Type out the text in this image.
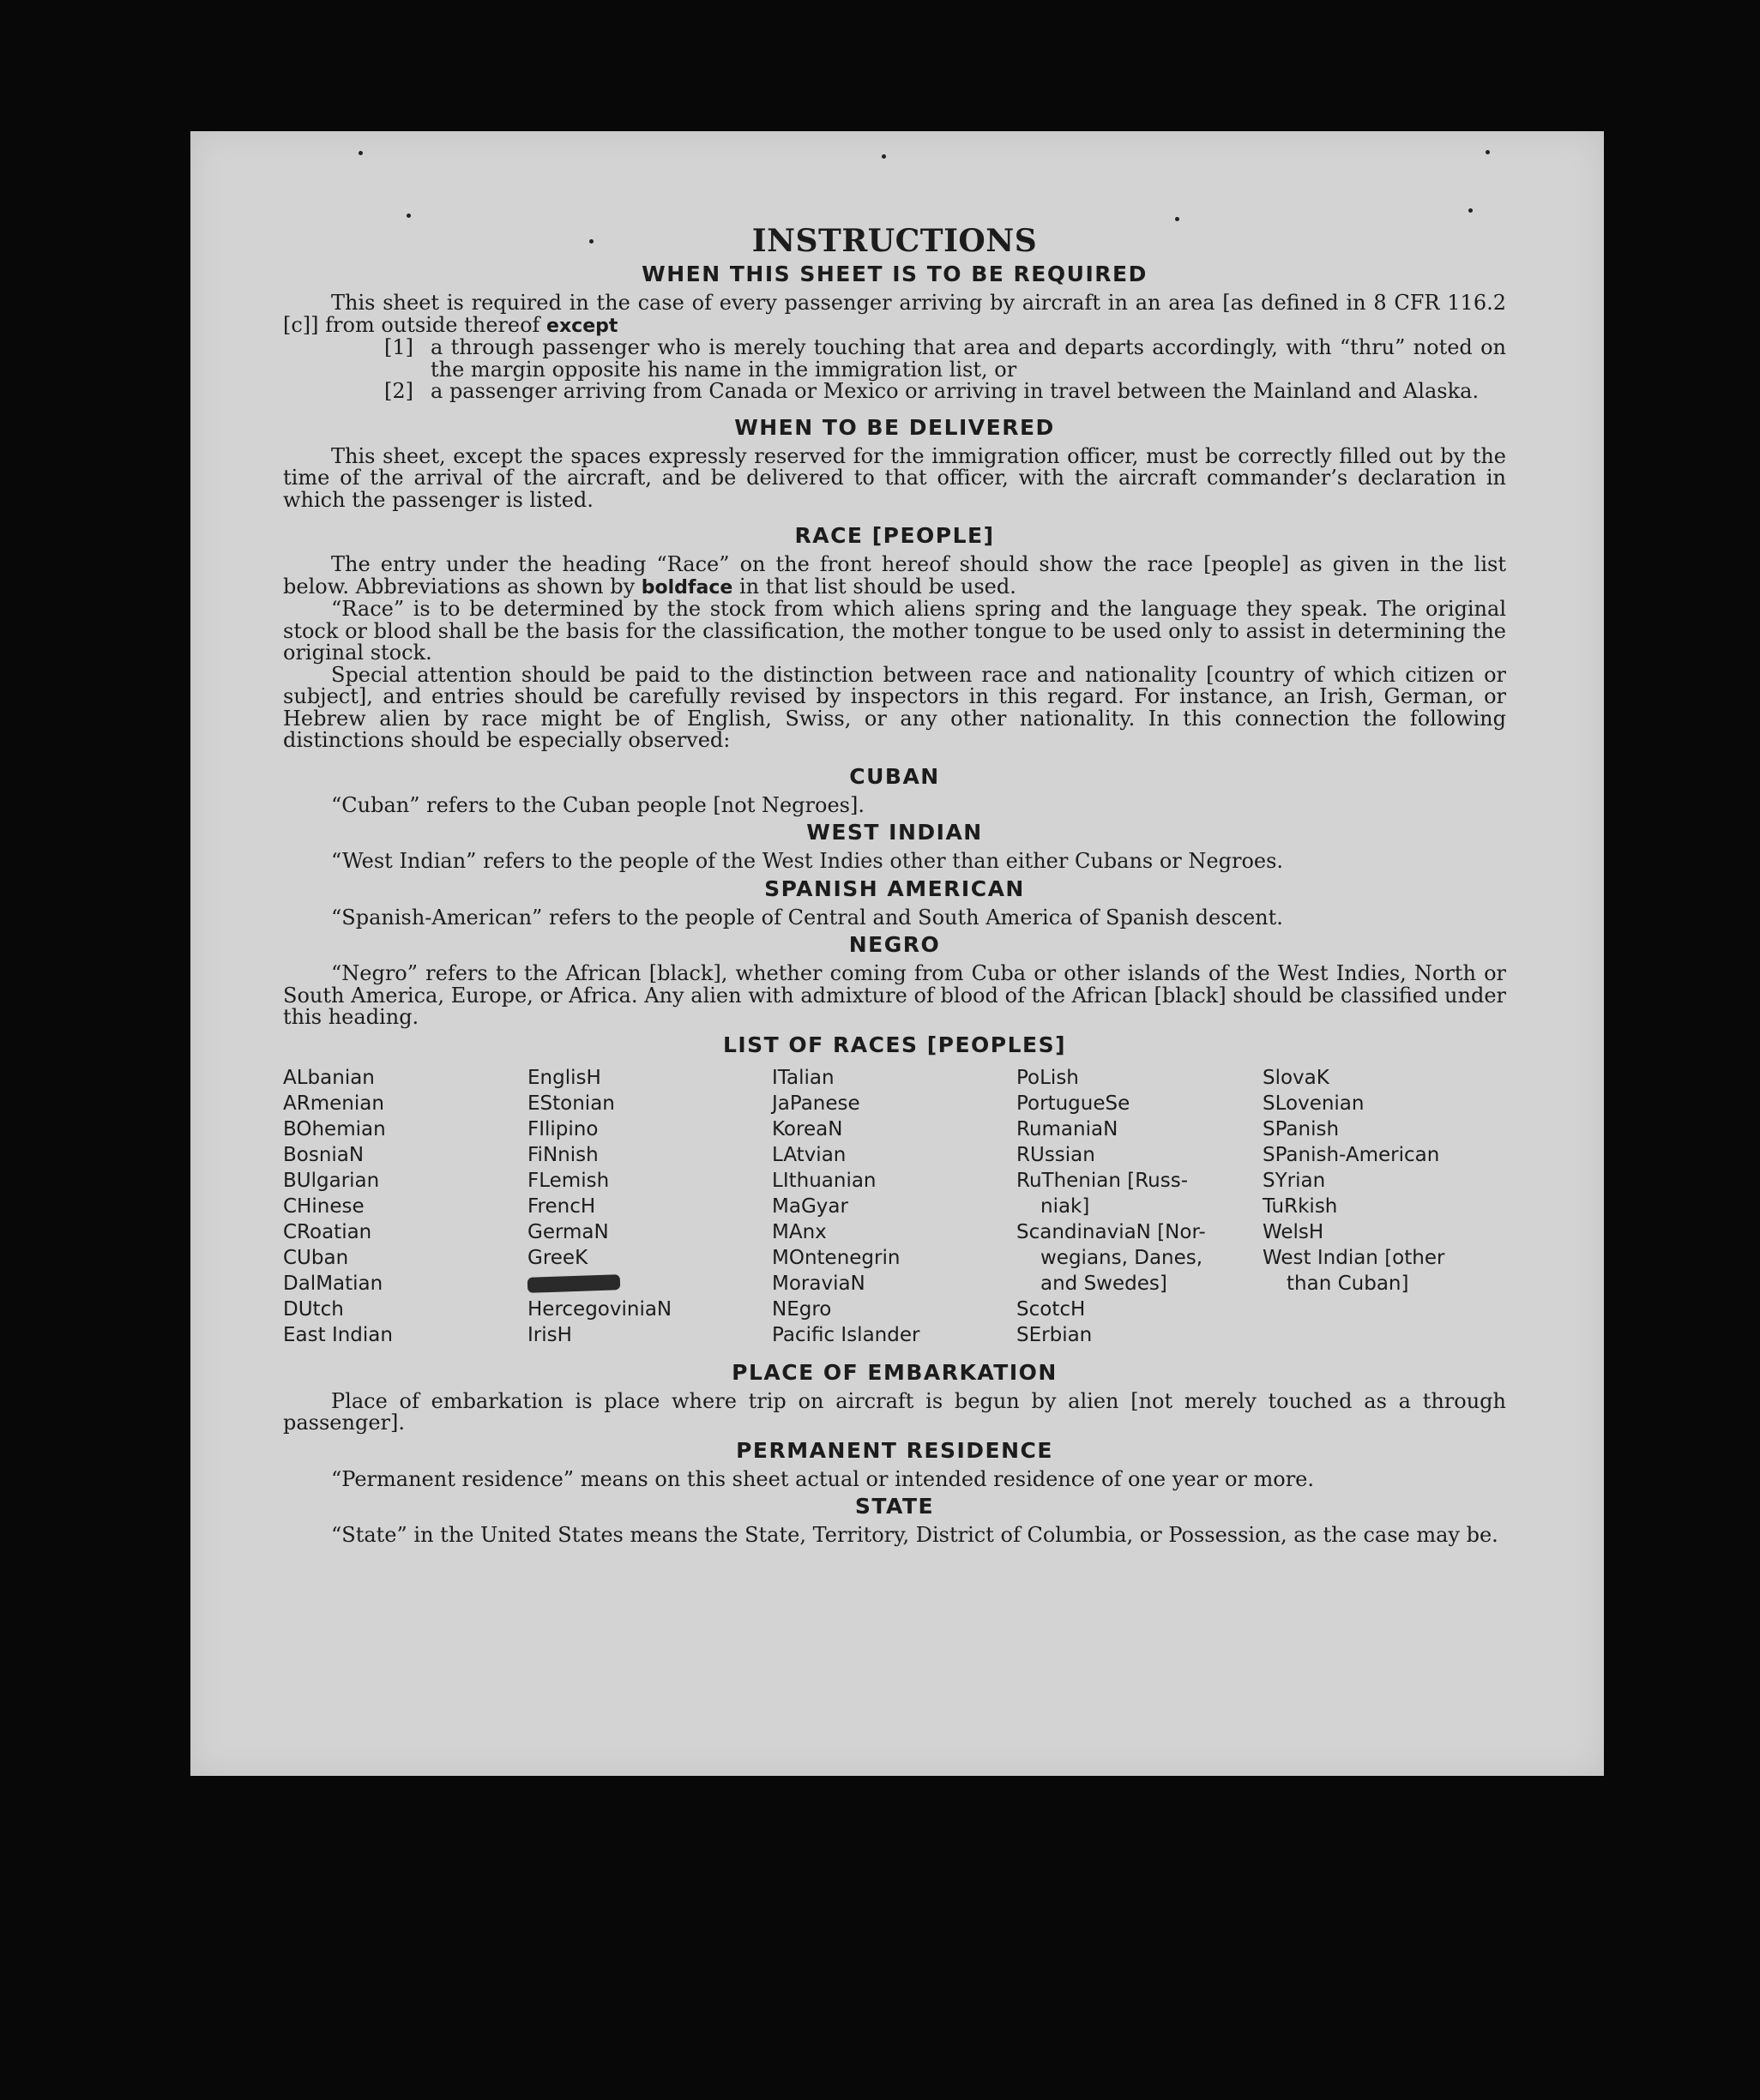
INSTRUCTIONS
WHEN THIS SHEET IS TO BE REQUIRED

This sheet is required in the case of every passenger arriving by aircraft in an area [as defined in 8 CFR 116.2 [c]] from outside thereof except

[1] a through passenger who is merely touching that area and departs accordingly, with “thru” noted on the margin opposite his name in the immigration list, or
[2] a passenger arriving from Canada or Mexico or arriving in travel between the Mainland and Alaska.
WHEN TO BE DELIVERED

This sheet, except the spaces expressly reserved for the immigration officer, must be correctly filled out by the time of the arrival of the aircraft, and be delivered to that officer, with the aircraft commander’s declaration in which the passenger is listed.

RACE [PEOPLE]

The entry under the heading “Race” on the front hereof should show the race [people] as given in the list below. Abbreviations as shown by boldface in that list should be used.

“Race” is to be determined by the stock from which aliens spring and the language they speak. The original stock or blood shall be the basis for the classification, the mother tongue to be used only to assist in determining the original stock.

Special attention should be paid to the distinction between race and nationality [country of which citizen or subject], and entries should be carefully revised by inspectors in this regard. For instance, an Irish, German, or Hebrew alien by race might be of English, Swiss, or any other nationality. In this connection the following distinctions should be especially observed:

CUBAN

“Cuban” refers to the Cuban people [not Negroes].

WEST INDIAN

“West Indian” refers to the people of the West Indies other than either Cubans or Negroes.

SPANISH AMERICAN

“Spanish-American” refers to the people of Central and South America of Spanish descent.

NEGRO

“Negro” refers to the African [black], whether coming from Cuba or other islands of the West Indies, North or South America, Europe, or Africa. Any alien with admixture of blood of the African [black] should be classified under this heading.

LIST OF RACES [PEOPLES]
ALbanian
ARmenian
BOhemian
BosniaN
BUlgarian
CHinese
CRoatian
CUban
DalMatian
DUtch
East Indian
EnglisH
EStonian
FIlipino
FiNnish
FLemish
FrencH
GermaN
GreeK
HercegoviniaN
IrisH
ITalian
JaPanese
KoreaN
LAtvian
LIthuanian
MaGyar
MAnx
MOntenegrin
MoraviaN
NEgro
Pacific Islander
PoLish
PortugueSe
RumaniaN
RUssian
RuThenian [Russ-
niak]
ScandinaviaN [Nor-
wegians, Danes,
and Swedes]
ScotcH
SErbian
SlovaK
SLovenian
SPanish
SPanish-American
SYrian
TuRkish
WelsH
West Indian [other
than Cuban]
PLACE OF EMBARKATION

Place of embarkation is place where trip on aircraft is begun by alien [not merely touched as a through passenger].

PERMANENT RESIDENCE

“Permanent residence” means on this sheet actual or intended residence of one year or more.

STATE

“State” in the United States means the State, Territory, District of Columbia, or Possession, as the case may be.
